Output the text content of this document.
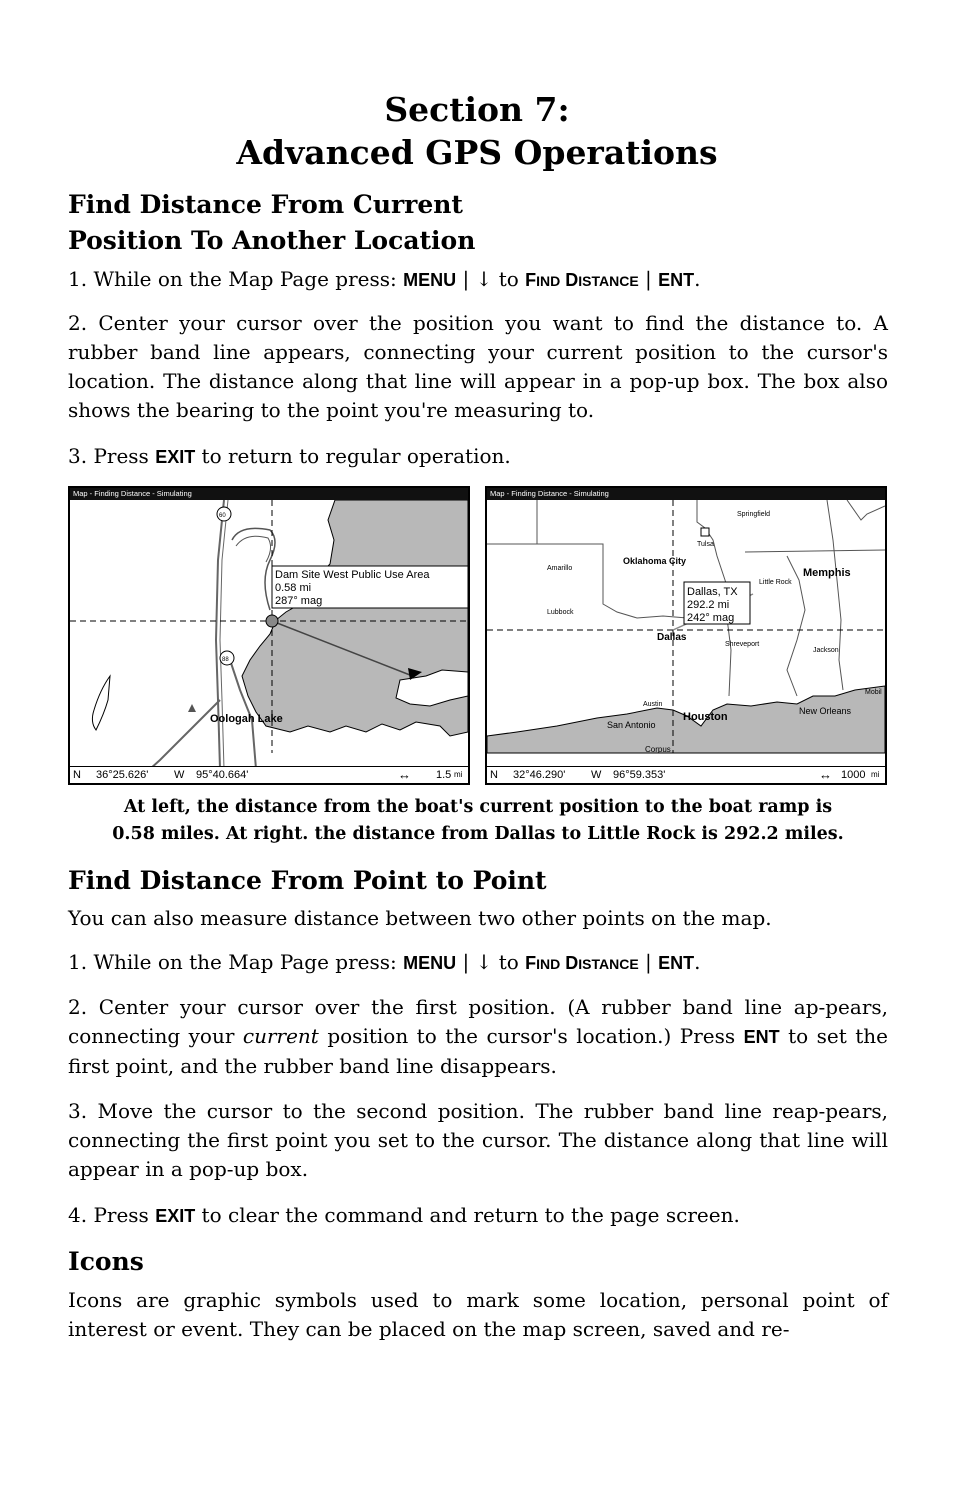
Section 7:
Advanced GPS Operations
Find Distance From Current
Position To Another Location
1. While on the Map Page press: MENU | ↓ to FIND DISTANCE | ENT.
2. Center your cursor over the position you want to find the distance to. A rubber band line appears, connecting your current position to the cursor's location. The distance along that line will appear in a pop-up box. The box also shows the bearing to the point you're measuring to.
3. Press EXIT to return to regular operation.
Map - Finding Distance - Simulating
Dam Site West Public Use Area
0.58 mi
287° mag
60
88
Oologah Lake
N 36°25.626' W 95°40.664'	↔ 1.5 mi
Map - Finding Distance - Simulating
Dallas, TX
292.2 mi
242° mag
Springfield
Tulsa
Oklahoma City
Amarillo	Memphis
Little Rock
Lubbock
Dallas
Shreveport
Jackson
Mobil
Austin
Houston	New Orleans
San Antonio
Corpus
N 32°46.290' W 96°59.353'	↔ 1000 mi
At left, the distance from the boat's current position to the boat ramp is
0.58 miles. At right. the distance from Dallas to Little Rock is 292.2 miles.
Find Distance From Point to Point
You can also measure distance between two other points on the map.
1. While on the Map Page press: MENU | ↓ to FIND DISTANCE | ENT.
2. Center your cursor over the first position. (A rubber band line ap-pears, connecting your current position to the cursor's location.) Press ENT to set the first point, and the rubber band line disappears.
3. Move the cursor to the second position. The rubber band line reap-pears, connecting the first point you set to the cursor. The distance along that line will appear in a pop-up box.
4. Press EXIT to clear the command and return to the page screen.
Icons
Icons are graphic symbols used to mark some location, personal point of interest or event. They can be placed on the map screen, saved and re-
